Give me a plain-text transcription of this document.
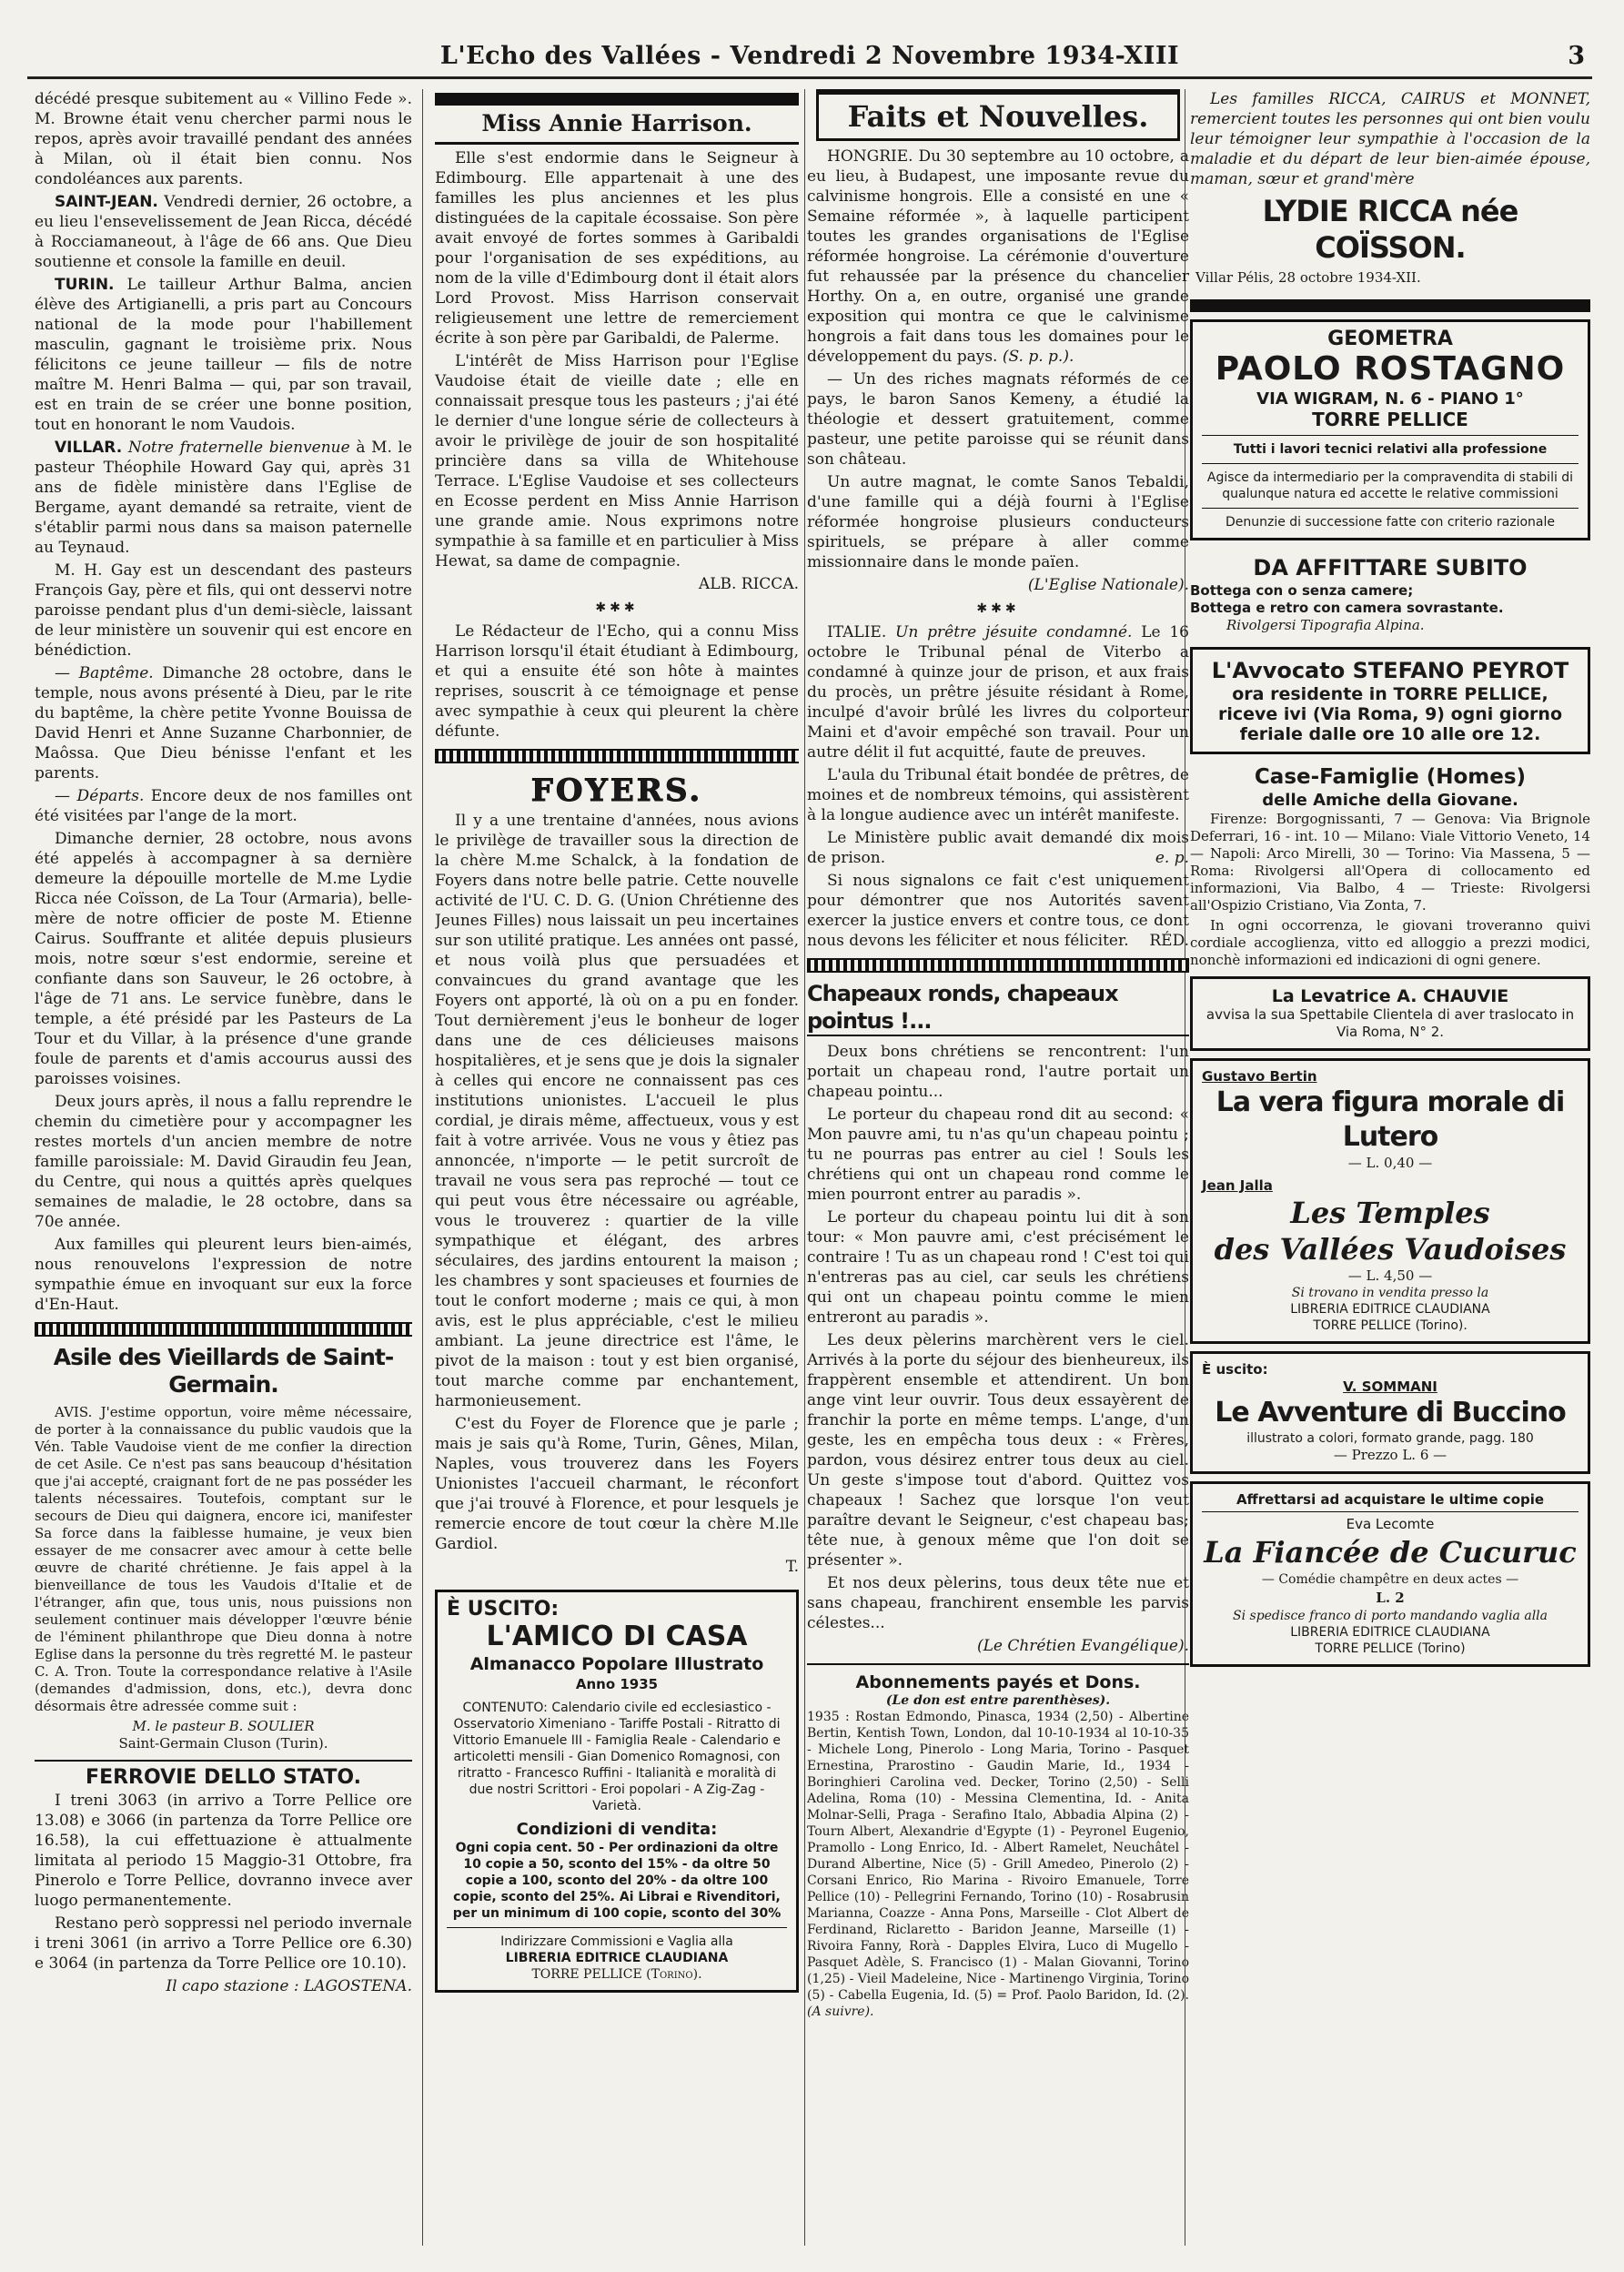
L'Echo des Vallées - Vendredi 2 Novembre 1934-XIII	3

décédé presque subitement au « Villino Fede ». M. Browne était venu chercher parmi nous le repos, après avoir travaillé pendant des années à Milan, où il était bien connu. Nos condoléances aux parents.

SAINT-JEAN. Vendredi dernier, 26 octobre, a eu lieu l'ensevelissement de Jean Ricca, décédé à Rocciamaneout, à l'âge de 66 ans. Que Dieu soutienne et console la famille en deuil.

TURIN. Le tailleur Arthur Balma, ancien élève des Artigianelli, a pris part au Concours national de la mode pour l'habillement masculin, gagnant le troisième prix. Nous félicitons ce jeune tailleur — fils de notre maître M. Henri Balma — qui, par son travail, est en train de se créer une bonne position, tout en honorant le nom Vaudois.

VILLAR. Notre fraternelle bienvenue à M. le pasteur Théophile Howard Gay qui, après 31 ans de fidèle ministère dans l'Eglise de Bergame, ayant demandé sa retraite, vient de s'établir parmi nous dans sa maison paternelle au Teynaud.

M. H. Gay est un descendant des pasteurs François Gay, père et fils, qui ont desservi notre paroisse pendant plus d'un demi-siècle, laissant de leur ministère un souvenir qui est encore en bénédiction.

— Baptême. Dimanche 28 octobre, dans le temple, nous avons présenté à Dieu, par le rite du baptême, la chère petite Yvonne Bouissa de David Henri et Anne Suzanne Charbonnier, de Maôssa. Que Dieu bénisse l'enfant et les parents.

— Départs. Encore deux de nos familles ont été visitées par l'ange de la mort.

Dimanche dernier, 28 octobre, nous avons été appelés à accompagner à sa dernière demeure la dépouille mortelle de M.me Lydie Ricca née Coïsson, de La Tour (Armaria), belle-mère de notre officier de poste M. Etienne Cairus. Souffrante et alitée depuis plusieurs mois, notre sœur s'est endormie, sereine et confiante dans son Sauveur, le 26 octobre, à l'âge de 71 ans. Le service funèbre, dans le temple, a été présidé par les Pasteurs de La Tour et du Villar, à la présence d'une grande foule de parents et d'amis accourus aussi des paroisses voisines.

Deux jours après, il nous a fallu reprendre le chemin du cimetière pour y accompagner les restes mortels d'un ancien membre de notre famille paroissiale: M. David Giraudin feu Jean, du Centre, qui nous a quittés après quelques semaines de maladie, le 28 octobre, dans sa 70e année.

Aux familles qui pleurent leurs bien-aimés, nous renouvelons l'expression de notre sympathie émue en invoquant sur eux la force d'En-Haut.

Asile des Vieillards de Saint-Germain.

AVIS. J'estime opportun, voire même nécessaire, de porter à la connaissance du public vaudois que la Vén. Table Vaudoise vient de me confier la direction de cet Asile. Ce n'est pas sans beaucoup d'hésitation que j'ai accepté, craignant fort de ne pas posséder les talents nécessaires. Toutefois, comptant sur le secours de Dieu qui daignera, encore ici, manifester Sa force dans la faiblesse humaine, je veux bien essayer de me consacrer avec amour à cette belle œuvre de charité chrétienne. Je fais appel à la bienveillance de tous les Vaudois d'Italie et de l'étranger, afin que, tous unis, nous puissions non seulement continuer mais développer l'œuvre bénie de l'éminent philanthrope que Dieu donna à notre Eglise dans la personne du très regretté M. le pasteur C. A. Tron. Toute la correspondance relative à l'Asile (demandes d'admission, dons, etc.), devra donc désormais être adressée comme suit :

M. le pasteur B. SOULIER
Saint-Germain Cluson (Turin).
FERROVIE DELLO STATO.

I treni 3063 (in arrivo a Torre Pellice ore 13.08) e 3066 (in partenza da Torre Pellice ore 16.58), la cui effettuazione è attualmente limitata al periodo 15 Maggio-31 Ottobre, fra Pinerolo e Torre Pellice, dovranno invece aver luogo permanentemente.

Restano però soppressi nel periodo invernale i treni 3061 (in arrivo a Torre Pellice ore 6.30) e 3064 (in partenza da Torre Pellice ore 10.10).

Il capo stazione : LAGOSTENA.
Miss Annie Harrison.

Elle s'est endormie dans le Seigneur à Edimbourg. Elle appartenait à une des familles les plus anciennes et les plus distinguées de la capitale écossaise. Son père avait envoyé de fortes sommes à Garibaldi pour l'organisation de ses expéditions, au nom de la ville d'Edimbourg dont il était alors Lord Provost. Miss Harrison conservait religieusement une lettre de remerciement écrite à son père par Garibaldi, de Palerme.

L'intérêt de Miss Harrison pour l'Eglise Vaudoise était de vieille date ; elle en connaissait presque tous les pasteurs ; j'ai été le dernier d'une longue série de collecteurs à avoir le privilège de jouir de son hospitalité princière dans sa villa de Whitehouse Terrace. L'Eglise Vaudoise et ses collecteurs en Ecosse perdent en Miss Annie Harrison une grande amie. Nous exprimons notre sympathie à sa famille et en particulier à Miss Hewat, sa dame de compagnie.

ALB. RICCA.
✱✱✱

Le Rédacteur de l'Echo, qui a connu Miss Harrison lorsqu'il était étudiant à Edimbourg, et qui a ensuite été son hôte à maintes reprises, souscrit à ce témoignage et pense avec sympathie à ceux qui pleurent la chère défunte.

FOYERS.

Il y a une trentaine d'années, nous avions le privilège de travailler sous la direction de la chère M.me Schalck, à la fondation de Foyers dans notre belle patrie. Cette nouvelle activité de l'U. C. D. G. (Union Chrétienne des Jeunes Filles) nous laissait un peu incertaines sur son utilité pratique. Les années ont passé, et nous voilà plus que persuadées et convaincues du grand avantage que les Foyers ont apporté, là où on a pu en fonder. Tout dernièrement j'eus le bonheur de loger dans une de ces délicieuses maisons hospitalières, et je sens que je dois la signaler à celles qui encore ne connaissent pas ces institutions unionistes. L'accueil le plus cordial, je dirais même, affectueux, vous y est fait à votre arrivée. Vous ne vous y êtiez pas annoncée, n'importe — le petit surcroît de travail ne vous sera pas reproché — tout ce qui peut vous être nécessaire ou agréable, vous le trouverez : quartier de la ville sympathique et élégant, des arbres séculaires, des jardins entourent la maison ; les chambres y sont spacieuses et fournies de tout le confort moderne ; mais ce qui, à mon avis, est le plus appréciable, c'est le milieu ambiant. La jeune directrice est l'âme, le pivot de la maison : tout y est bien organisé, tout marche comme par enchantement, harmonieusement.

C'est du Foyer de Florence que je parle ; mais je sais qu'à Rome, Turin, Gênes, Milan, Naples, vous trouverez dans les Foyers Unionistes l'accueil charmant, le réconfort que j'ai trouvé à Florence, et pour lesquels je remercie encore de tout cœur la chère M.lle Gardiol.

T.
È USCITO:
L'AMICO DI CASA
Almanacco Popolare Illustrato
Anno 1935
CONTENUTO: Calendario civile ed ecclesiastico - Osservatorio Ximeniano - Tariffe Postali - Ritratto di Vittorio Emanuele III - Famiglia Reale - Calendario e articoletti mensili - Gian Domenico Romagnosi, con ritratto - Francesco Ruffini - Italianità e moralità di due nostri Scrittori - Eroi popolari - A Zig-Zag - Varietà.
Condizioni di vendita:
Ogni copia cent. 50 - Per ordinazioni da oltre 10 copie a 50, sconto del 15% - da oltre 50 copie a 100, sconto del 20% - da oltre 100 copie, sconto del 25%. Ai Librai e Rivenditori, per un minimum di 100 copie, sconto del 30%
Indirizzare Commissioni e Vaglia alla
LIBRERIA EDITRICE CLAUDIANA
TORRE PELLICE (Torino).
Faits et Nouvelles.

HONGRIE. Du 30 septembre au 10 octobre, a eu lieu, à Budapest, une imposante revue du calvinisme hongrois. Elle a consisté en une « Semaine réformée », à laquelle participent toutes les grandes organisations de l'Eglise réformée hongroise. La cérémonie d'ouverture fut rehaussée par la présence du chancelier Horthy. On a, en outre, organisé une grande exposition qui montra ce que le calvinisme hongrois a fait dans tous les domaines pour le développement du pays. (S. p. p.).

— Un des riches magnats réformés de ce pays, le baron Sanos Kemeny, a étudié la théologie et dessert gratuitement, comme pasteur, une petite paroisse qui se réunit dans son château.

Un autre magnat, le comte Sanos Tebaldi, d'une famille qui a déjà fourni à l'Eglise réformée hongroise plusieurs conducteurs spirituels, se prépare à aller comme missionnaire dans le monde païen.

(L'Eglise Nationale).
✱✱✱

ITALIE. Un prêtre jésuite condamné. Le 16 octobre le Tribunal pénal de Viterbo a condamné à quinze jour de prison, et aux frais du procès, un prêtre jésuite résidant à Rome, inculpé d'avoir brûlé les livres du colporteur Maini et d'avoir empêché son travail. Pour un autre délit il fut acquitté, faute de preuves.

L'aula du Tribunal était bondée de prêtres, de moines et de nombreux témoins, qui assistèrent à la longue audience avec un intérêt manifeste.

Le Ministère public avait demandé dix mois de prison.	e. p.

Si nous signalons ce fait c'est uniquement pour démontrer que nos Autorités savent exercer la justice envers et contre tous, ce dont nous devons les féliciter et nous féliciter.	RÉD.

Chapeaux ronds, chapeaux pointus !...

Deux bons chrétiens se rencontrent: l'un portait un chapeau rond, l'autre portait un chapeau pointu...

Le porteur du chapeau rond dit au second: « Mon pauvre ami, tu n'as qu'un chapeau pointu ; tu ne pourras pas entrer au ciel ! Souls les chrétiens qui ont un chapeau rond comme le mien pourront entrer au paradis ».

Le porteur du chapeau pointu lui dit à son tour: « Mon pauvre ami, c'est précisément le contraire ! Tu as un chapeau rond ! C'est toi qui n'entreras pas au ciel, car seuls les chrétiens qui ont un chapeau pointu comme le mien entreront au paradis ».

Les deux pèlerins marchèrent vers le ciel. Arrivés à la porte du séjour des bienheureux, ils frappèrent ensemble et attendirent. Un bon ange vint leur ouvrir. Tous deux essayèrent de franchir la porte en même temps. L'ange, d'un geste, les en empêcha tous deux : « Frères, pardon, vous désirez entrer tous deux au ciel. Un geste s'impose tout d'abord. Quittez vos chapeaux ! Sachez que lorsque l'on veut paraître devant le Seigneur, c'est chapeau bas; tête nue, à genoux même que l'on doit se présenter ».

Et nos deux pèlerins, tous deux tête nue et sans chapeau, franchirent ensemble les parvis célestes...

(Le Chrétien Evangélique).
Abonnements payés et Dons.
(Le don est entre parenthèses).

1935 : Rostan Edmondo, Pinasca, 1934 (2,50) - Albertine Bertin, Kentish Town, London, dal 10-10-1934 al 10-10-35 - Michele Long, Pinerolo - Long Maria, Torino - Pasquet Ernestina, Prarostino - Gaudin Marie, Id., 1934 - Boringhieri Carolina ved. Decker, Torino (2,50) - Selli Adelina, Roma (10) - Messina Clementina, Id. - Anita Molnar-Selli, Praga - Serafino Italo, Abbadia Alpina (2) - Tourn Albert, Alexandrie d'Egypte (1) - Peyronel Eugenio, Pramollo - Long Enrico, Id. - Albert Ramelet, Neuchâtel - Durand Albertine, Nice (5) - Grill Amedeo, Pinerolo (2) - Corsani Enrico, Rio Marina - Rivoiro Emanuele, Torre Pellice (10) - Pellegrini Fernando, Torino (10) - Rosabrusin Marianna, Coazze - Anna Pons, Marseille - Clot Albert de Ferdinand, Riclaretto - Baridon Jeanne, Marseille (1) - Rivoira Fanny, Rorà - Dapples Elvira, Luco di Mugello - Pasquet Adèle, S. Francisco (1) - Malan Giovanni, Torino (1,25) - Vieil Madeleine, Nice - Martinengo Virginia, Torino (5) - Cabella Eugenia, Id. (5) = Prof. Paolo Baridon, Id. (2). (A suivre).

Les familles RICCA, CAIRUS et MONNET, remercient toutes les personnes qui ont bien voulu leur témoigner leur sympathie à l'occasion de la maladie et du départ de leur bien-aimée épouse, maman, sœur et grand'mère

LYDIE RICCA née COÏSSON.
Villar Pélis, 28 octobre 1934-XII.
GEOMETRA
PAOLO ROSTAGNO
VIA WIGRAM, N. 6 - PIANO 1°
TORRE PELLICE
Tutti i lavori tecnici relativi alla professione
Agisce da intermediario per la compravendita di stabili di qualunque natura ed accette le relative commissioni
Denunzie di successione fatte con criterio razionale
DA AFFITTARE SUBITO
Bottega con o senza camere;
Bottega e retro con camera sovrastante.
Rivolgersi Tipografia Alpina.
L'Avvocato STEFANO PEYROT
ora residente in TORRE PELLICE,
riceve ivi (Via Roma, 9) ogni giorno
feriale dalle ore 10 alle ore 12.
Case-Famiglie (Homes)
delle Amiche della Giovane.

Firenze: Borgognissanti, 7 — Genova: Via Brignole Deferrari, 16 - int. 10 — Milano: Viale Vittorio Veneto, 14 — Napoli: Arco Mirelli, 30 — Torino: Via Massena, 5 — Roma: Rivolgersi all'Opera di collocamento ed informazioni, Via Balbo, 4 — Trieste: Rivolgersi all'Ospizio Cristiano, Via Zonta, 7.

In ogni occorrenza, le giovani troveranno quivi cordiale accoglienza, vitto ed alloggio a prezzi modici, nonchè informazioni ed indicazioni di ogni genere.

La Levatrice A. CHAUVIE
avvisa la sua Spettabile Clientela di aver traslocato in Via Roma, N° 2.
Gustavo Bertin
La vera figura morale di Lutero
— L. 0,40 —
Jean Jalla
Les Temples
des Vallées Vaudoises
— L. 4,50 —
Si trovano in vendita presso la
LIBRERIA EDITRICE CLAUDIANA
TORRE PELLICE (Torino).
È uscito:
V. SOMMANI
Le Avventure di Buccino
illustrato a colori, formato grande, pagg. 180
— Prezzo L. 6 —
Affrettarsi ad acquistare le ultime copie
Eva Lecomte
La Fiancée de Cucuruc
— Comédie champêtre en deux actes —
L. 2
Si spedisce franco di porto mandando vaglia alla
LIBRERIA EDITRICE CLAUDIANA
TORRE PELLICE (Torino)
